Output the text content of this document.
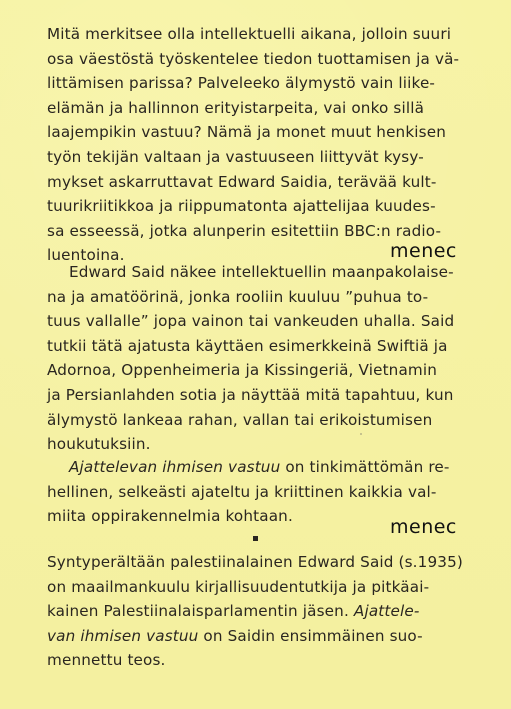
Mitä merkitsee olla intellektuelli aikana, jolloin suuri
osa väestöstä työskentelee tiedon tuottamisen ja vä-
littämisen parissa? Palveleeko älymystö vain liike-
elämän ja hallinnon erityistarpeita, vai onko sillä
laajempikin vastuu? Nämä ja monet muut henkisen
työn tekijän valtaan ja vastuuseen liittyvät kysy-
mykset askarruttavat Edward Saidia, terävää kult-
tuurikriitikkoa ja riippumatonta ajattelijaa kuudes-
sa esseessä, jotka alunperin esitettiin BBC:n radio-
luentoina.	menec
Edward Said näkee intellektuellin maanpakolaise-
na ja amatöörinä, jonka rooliin kuuluu ”puhua to-
tuus vallalle” jopa vainon tai vankeuden uhalla. Said
tutkii tätä ajatusta käyttäen esimerkkeinä Swiftiä ja
Adornoa, Oppenheimeria ja Kissingeriä, Vietnamin
ja Persianlahden sotia ja näyttää mitä tapahtuu, kun
älymystö lankeaa rahan, vallan tai erikoistumisen
houkutuksiin.
Ajattelevan ihmisen vastuu on tinkimättömän re-
hellinen, selkeästi ajateltu ja kriittinen kaikkia val-
miita oppirakennelmia kohtaan.	menec
Syntyperältään palestiinalainen Edward Said (s.1935)
on maailmankuulu kirjallisuudentutkija ja pitkäai-
kainen Palestiinalaisparlamentin jäsen. Ajattele-
van ihmisen vastuu on Saidin ensimmäinen suo-
mennettu teos.
